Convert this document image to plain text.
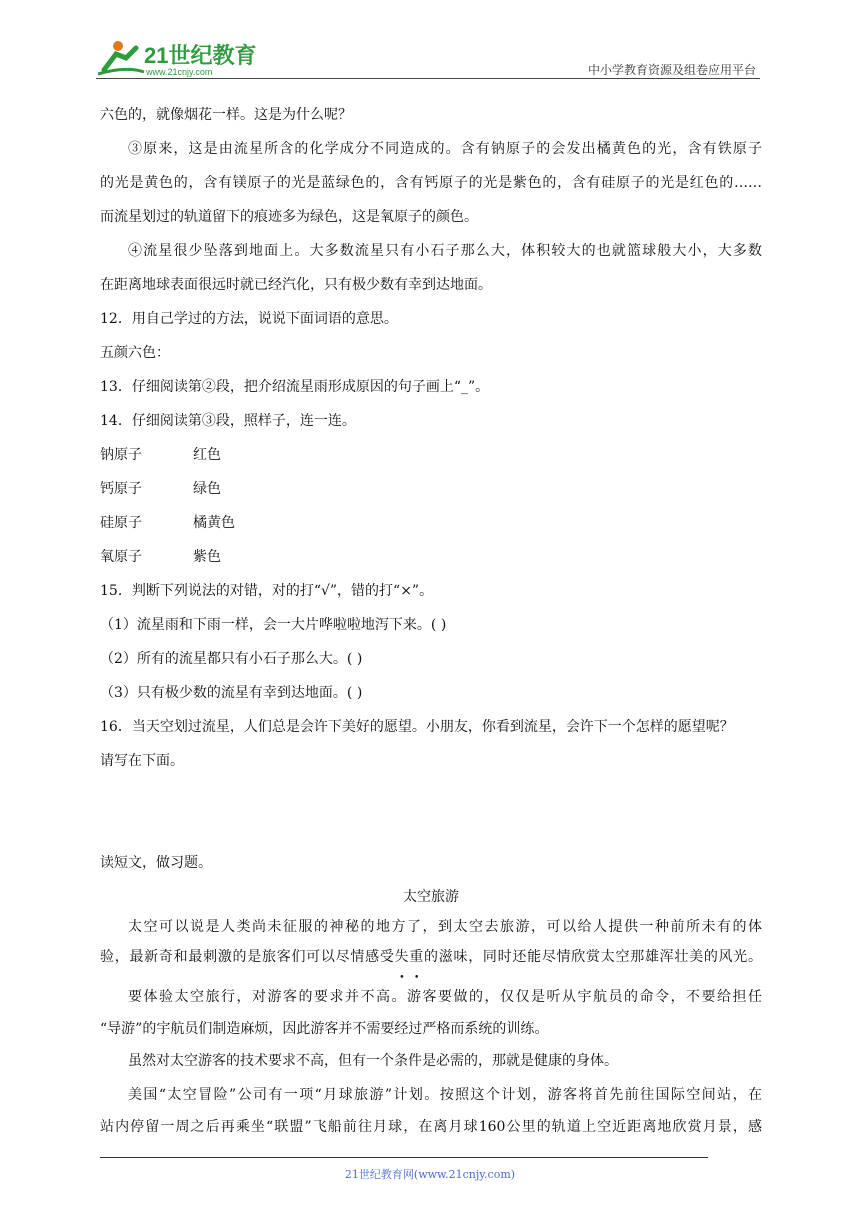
21世纪教育
www.21cnjy.com	中小学教育资源及组卷应用平台
六色的，就像烟花一样。这是为什么呢？
③原来，这是由流星所含的化学成分不同造成的。含有钠原子的会发出橘黄色的光，含有铁原子
的光是黄色的，含有镁原子的光是蓝绿色的，含有钙原子的光是紫色的，含有硅原子的光是红色的……
而流星划过的轨道留下的痕迹多为绿色，这是氧原子的颜色。
④流星很少坠落到地面上。大多数流星只有小石子那么大，体积较大的也就篮球般大小，大多数
在距离地球表面很远时就已经汽化，只有极少数有幸到达地面。
12．用自己学过的方法，说说下面词语的意思。
五颜六色：
13．仔细阅读第②段，把介绍流星雨形成原因的句子画上“_”。
14．仔细阅读第③段，照样子，连一连。
钠原子	红色
钙原子	绿色
硅原子	橘黄色
氧原子	紫色
15．判断下列说法的对错，对的打“√”，错的打“×”。
（1）流星雨和下雨一样，会一大片哗啦啦地泻下来。( )
（2）所有的流星都只有小石子那么大。( )
（3）只有极少数的流星有幸到达地面。( )
16．当天空划过流星，人们总是会许下美好的愿望。小朋友，你看到流星，会许下一个怎样的愿望呢？
请写在下面。
读短文，做习题。
太空旅游
太空可以说是人类尚未征服的神秘的地方了，到太空去旅游，可以给人提供一种前所未有的体
验，最新奇和最刺激的是旅客们可以尽情感受失重的滋味，同时还能尽情欣赏太空那雄浑壮美的风光。
要体验太空旅行，对游客的要求并不高。游客要做的，仅仅是听从宇航员的命令，不要给担任
“导游”的宇航员们制造麻烦，因此游客并不需要经过严格而系统的训练。
虽然对太空游客的技术要求不高，但有一个条件是必需的，那就是健康的身体。
美国“太空冒险”公司有一项“月球旅游”计划。按照这个计划，游客将首先前往国际空间站，在
站内停留一周之后再乘坐“联盟”飞船前往月球，在离月球160公里的轨道上空近距离地欣赏月景，感
21世纪教育网(www.21cnjy.com)
